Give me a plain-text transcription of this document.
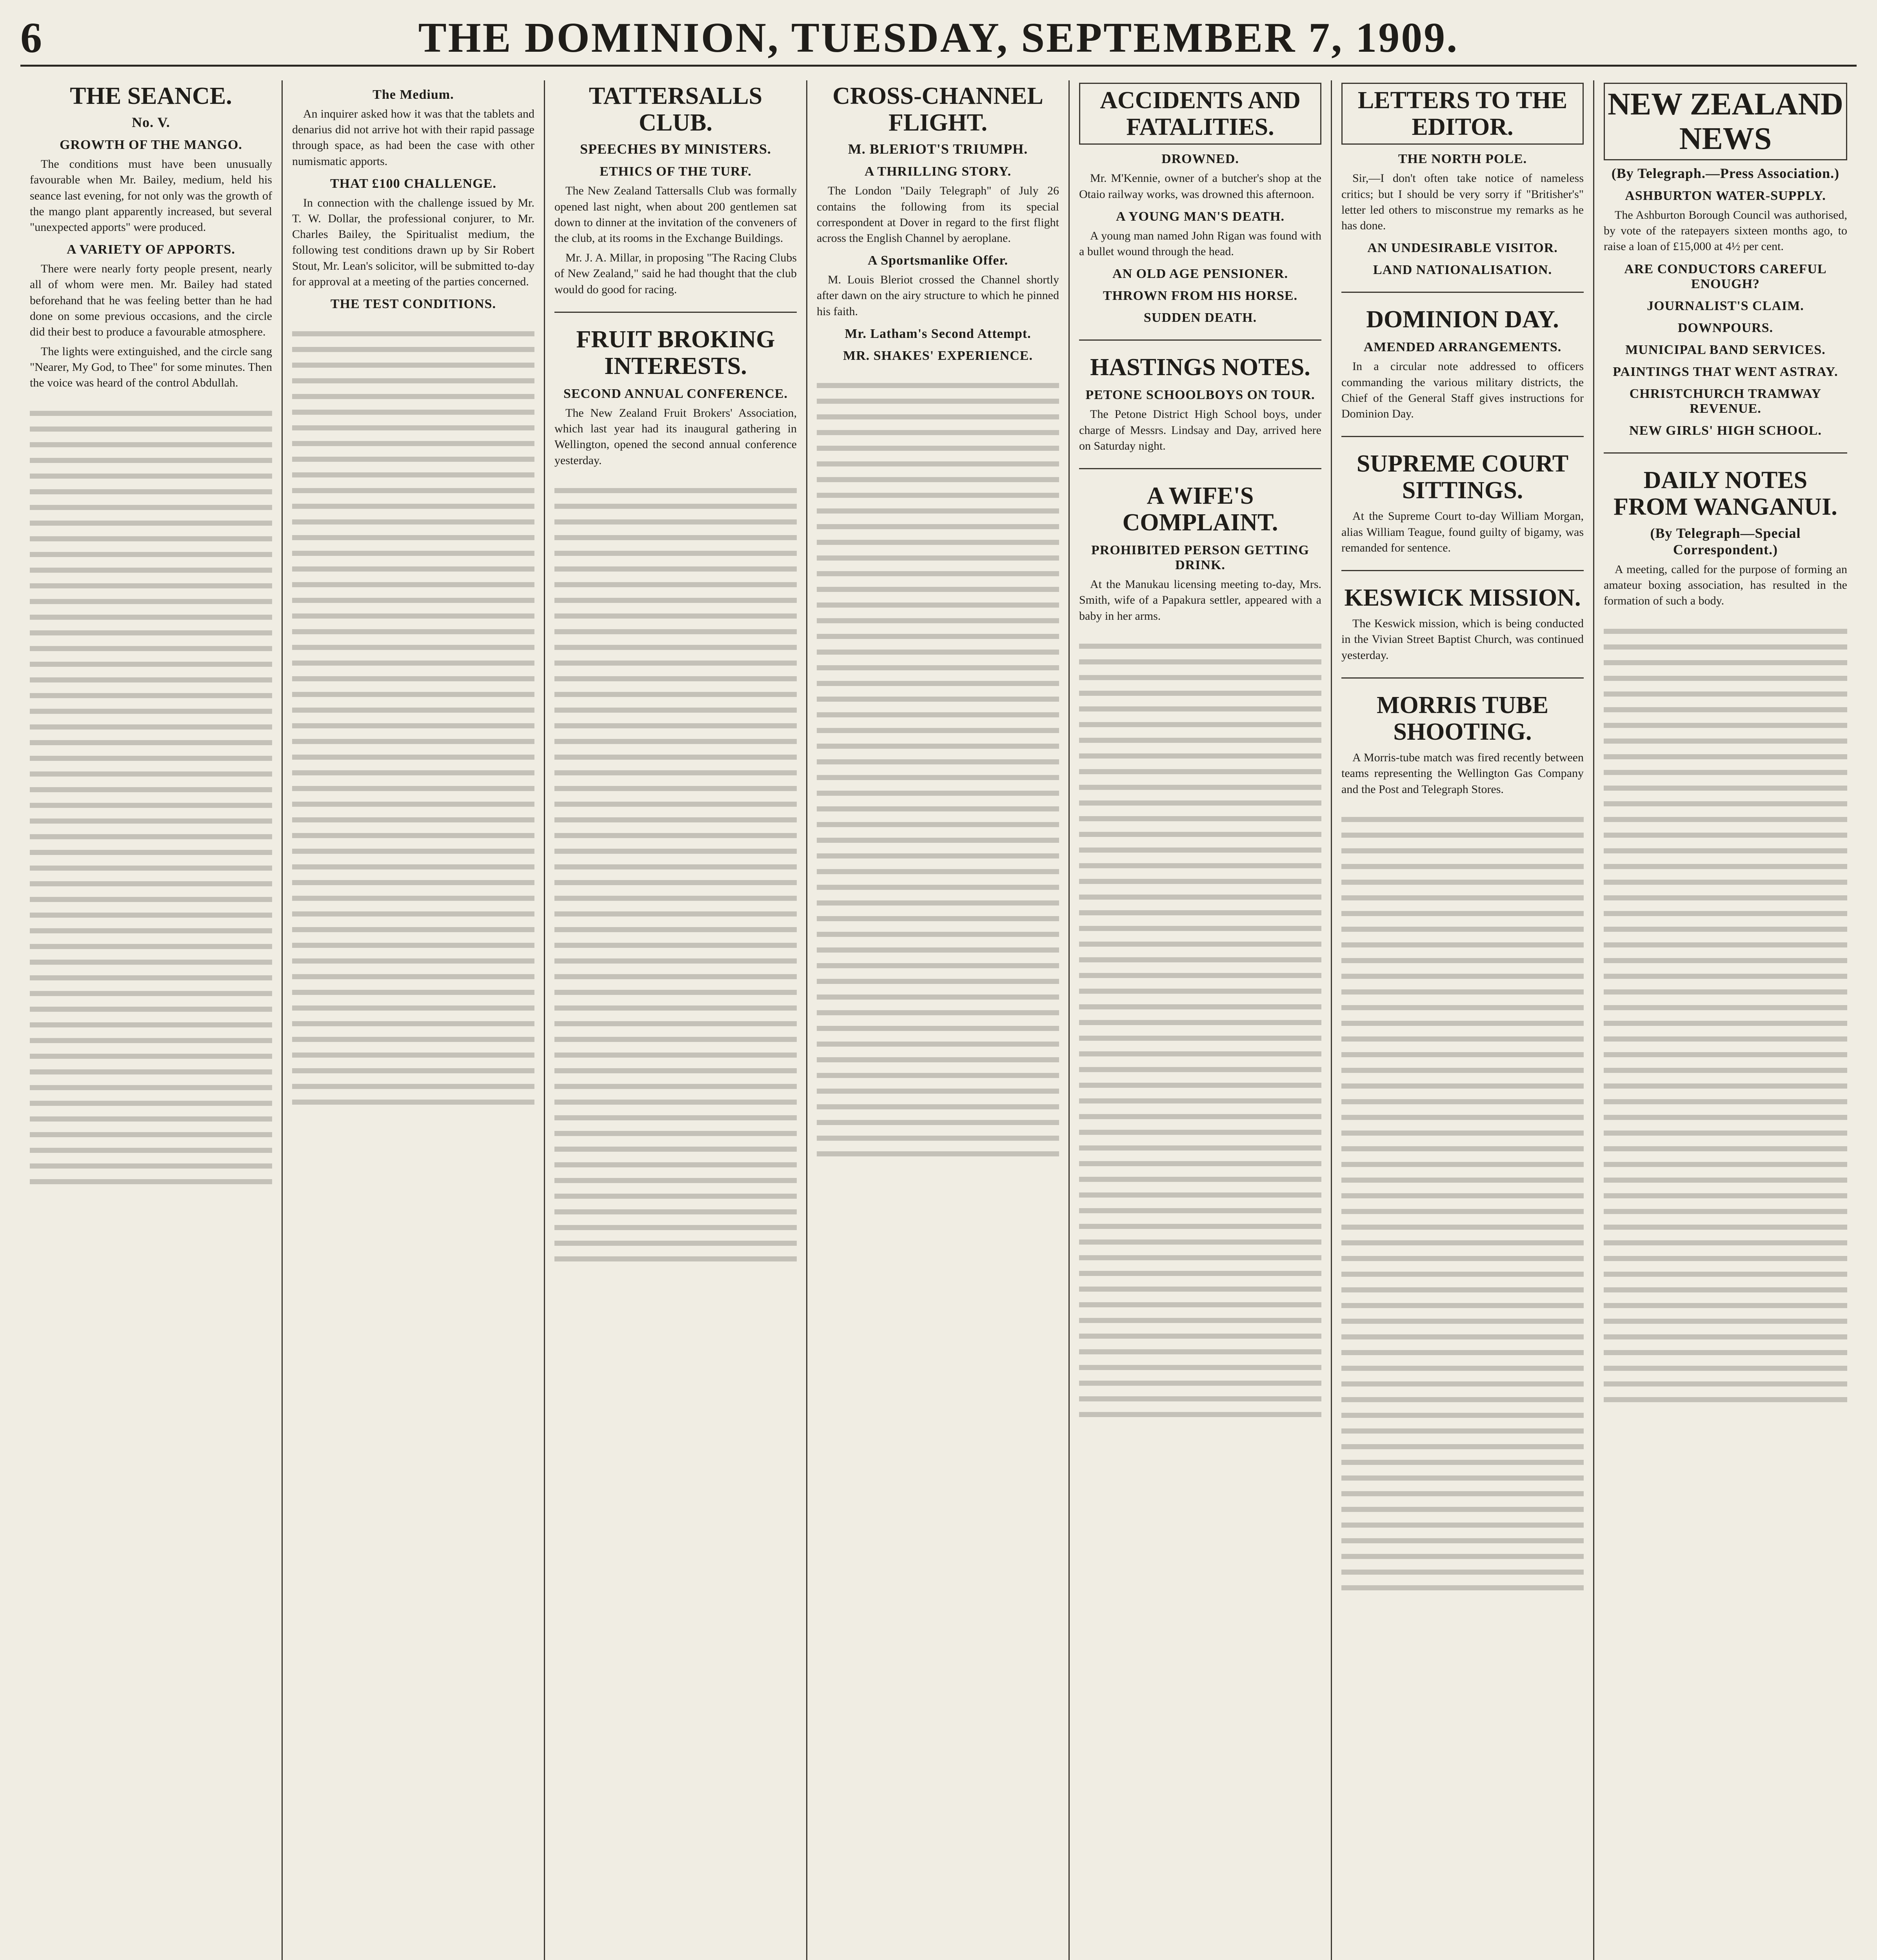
6	THE DOMINION, TUESDAY, SEPTEMBER 7, 1909.
THE SEANCE.
No. V.
GROWTH OF THE MANGO.

The conditions must have been unusually favourable when Mr. Bailey, medium, held his seance last evening, for not only was the growth of the mango plant apparently increased, but several "unexpected apports" were produced.

A VARIETY OF APPORTS.

There were nearly forty people present, nearly all of whom were men. Mr. Bailey had stated beforehand that he was feeling better than he had done on some previous occasions, and the circle did their best to produce a favourable atmosphere.

The lights were extinguished, and the circle sang "Nearer, My God, to Thee" for some minutes. Then the voice was heard of the control Abdullah.

The Medium.

An inquirer asked how it was that the tablets and denarius did not arrive hot with their rapid passage through space, as had been the case with other numismatic apports.

THAT £100 CHALLENGE.

In connection with the challenge issued by Mr. T. W. Dollar, the professional conjurer, to Mr. Charles Bailey, the Spiritualist medium, the following test conditions drawn up by Sir Robert Stout, Mr. Lean's solicitor, will be submitted to-day for approval at a meeting of the parties concerned.

THE TEST CONDITIONS.
TATTERSALLS CLUB.
SPEECHES BY MINISTERS.
ETHICS OF THE TURF.

The New Zealand Tattersalls Club was formally opened last night, when about 200 gentlemen sat down to dinner at the invitation of the conveners of the club, at its rooms in the Exchange Buildings.

Mr. J. A. Millar, in proposing "The Racing Clubs of New Zealand," said he had thought that the club would do good for racing.

FRUIT BROKING INTERESTS.
SECOND ANNUAL CONFERENCE.

The New Zealand Fruit Brokers' Association, which last year had its inaugural gathering in Wellington, opened the second annual conference yesterday.

CROSS-CHANNEL FLIGHT.
M. BLERIOT'S TRIUMPH.
A THRILLING STORY.

The London "Daily Telegraph" of July 26 contains the following from its special correspondent at Dover in regard to the first flight across the English Channel by aeroplane.

A Sportsmanlike Offer.

M. Louis Bleriot crossed the Channel shortly after dawn on the airy structure to which he pinned his faith.

Mr. Latham's Second Attempt.
MR. SHAKES' EXPERIENCE.
ACCIDENTS AND FATALITIES.
DROWNED.

Mr. M'Kennie, owner of a butcher's shop at the Otaio railway works, was drowned this afternoon.

A YOUNG MAN'S DEATH.

A young man named John Rigan was found with a bullet wound through the head.

AN OLD AGE PENSIONER.
THROWN FROM HIS HORSE.
SUDDEN DEATH.
HASTINGS NOTES.
PETONE SCHOOLBOYS ON TOUR.

The Petone District High School boys, under charge of Messrs. Lindsay and Day, arrived here on Saturday night.

A WIFE'S COMPLAINT.
PROHIBITED PERSON GETTING DRINK.

At the Manukau licensing meeting to-day, Mrs. Smith, wife of a Papakura settler, appeared with a baby in her arms.

LETTERS TO THE EDITOR.
THE NORTH POLE.

Sir,—I don't often take notice of nameless critics; but I should be very sorry if "Britisher's" letter led others to misconstrue my remarks as he has done.

AN UNDESIRABLE VISITOR.
LAND NATIONALISATION.
DOMINION DAY.
AMENDED ARRANGEMENTS.

In a circular note addressed to officers commanding the various military districts, the Chief of the General Staff gives instructions for Dominion Day.

SUPREME COURT SITTINGS.

At the Supreme Court to-day William Morgan, alias William Teague, found guilty of bigamy, was remanded for sentence.

KESWICK MISSION.

The Keswick mission, which is being conducted in the Vivian Street Baptist Church, was continued yesterday.

MORRIS TUBE SHOOTING.

A Morris-tube match was fired recently between teams representing the Wellington Gas Company and the Post and Telegraph Stores.

NEW ZEALAND NEWS
(By Telegraph.—Press Association.)
ASHBURTON WATER-SUPPLY.

The Ashburton Borough Council was authorised, by vote of the ratepayers sixteen months ago, to raise a loan of £15,000 at 4½ per cent.

ARE CONDUCTORS CAREFUL ENOUGH?
JOURNALIST'S CLAIM.
DOWNPOURS.
MUNICIPAL BAND SERVICES.
PAINTINGS THAT WENT ASTRAY.
CHRISTCHURCH TRAMWAY REVENUE.
NEW GIRLS' HIGH SCHOOL.
DAILY NOTES FROM WANGANUI.
(By Telegraph—Special Correspondent.)

A meeting, called for the purpose of forming an amateur boxing association, has resulted in the formation of such a body.
